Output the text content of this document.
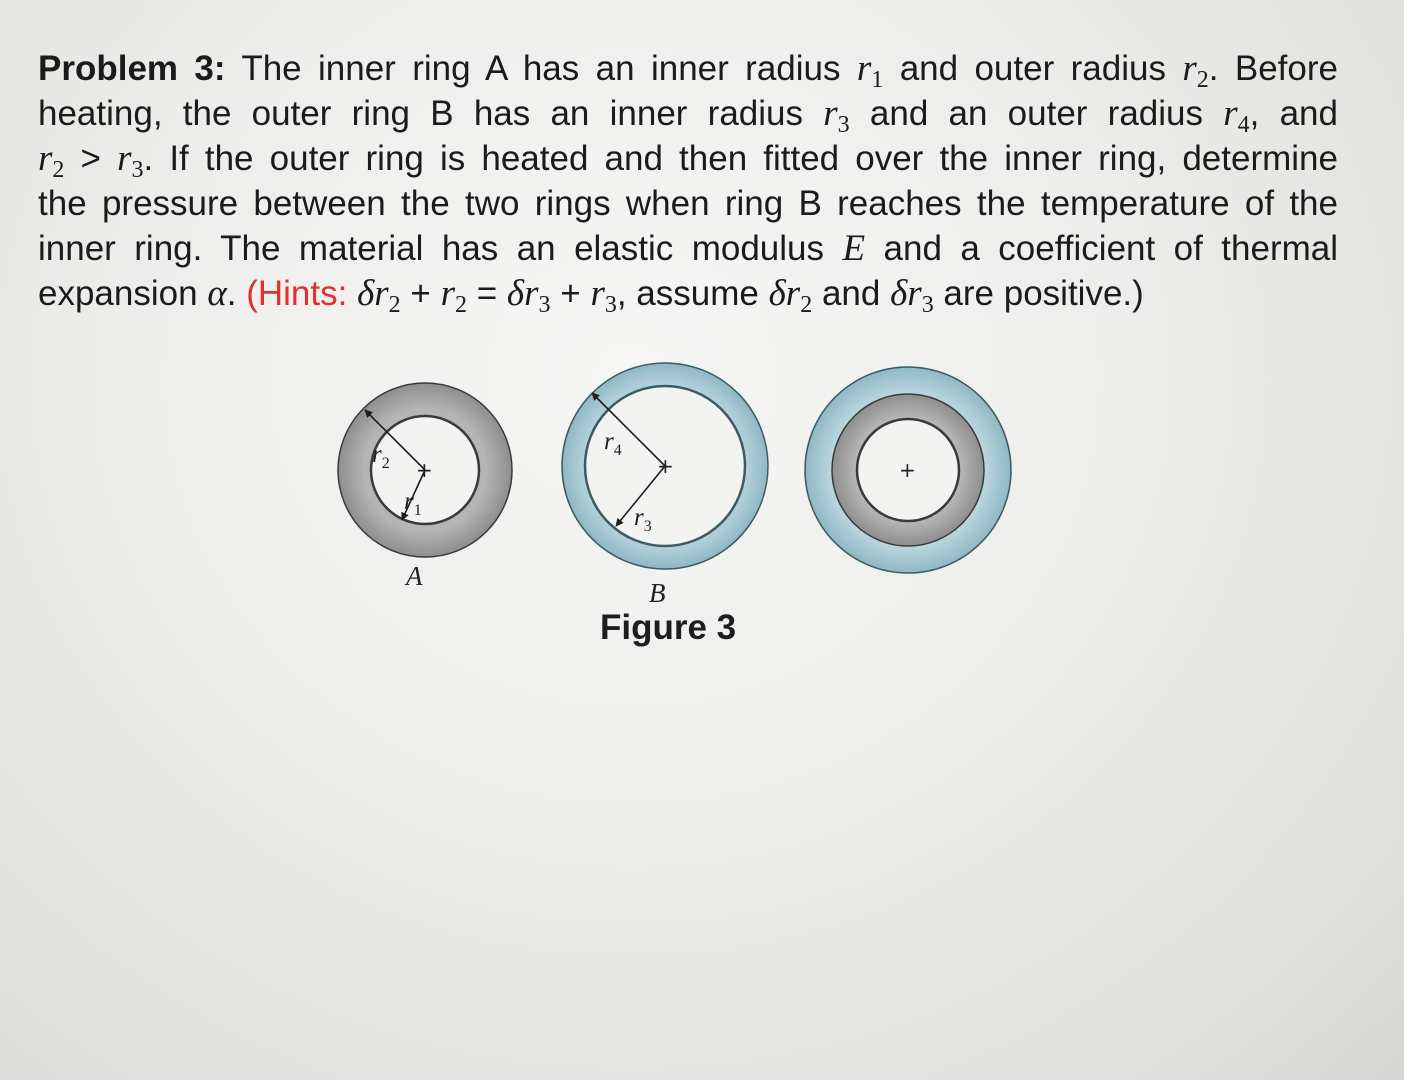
Problem 3: The inner ring A has an inner radius $r_1$ and outer radius $r_2$. Before
heating, the outer ring B has an inner radius $r_3$ and an outer radius $r_4$, and
$r_2 > r_3$. If the outer ring is heated and then fitted over the inner ring, determine
the pressure between the two rings when ring B reaches the temperature of the
inner ring. The material has an elastic modulus E and a coefficient of thermal
expansion α. (Hints: $\delta r_2 + r_2 = \delta r_3 + r_3$, assume $\delta r_2$ and $\delta r_3$ are positive.)
+	+	+
$r_2$
$r_1$
$r_4$
$r_3$
A
B
Figure 3
